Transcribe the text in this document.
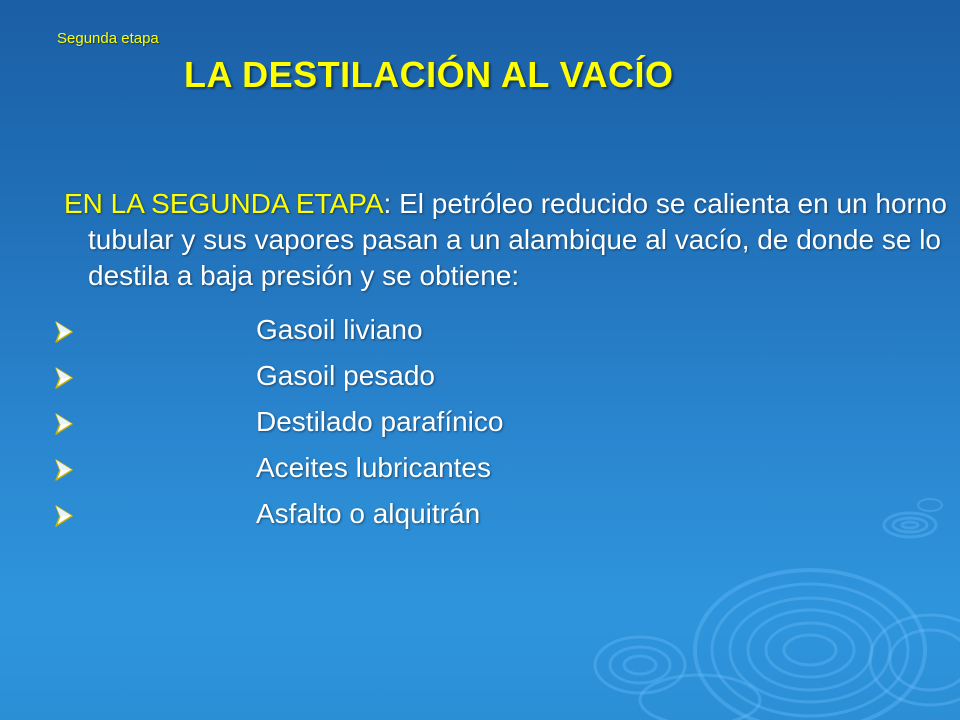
Segunda etapa
LA DESTILACIÓN AL VACÍO

EN LA SEGUNDA ETAPA: El petróleo reducido se calienta en un horno tubular y sus vapores pasan a un alambique al vacío, de donde se lo destila a baja presión y se obtiene:

Gasoil liviano
Gasoil pesado
Destilado parafínico
Aceites lubricantes
Asfalto o alquitrán
